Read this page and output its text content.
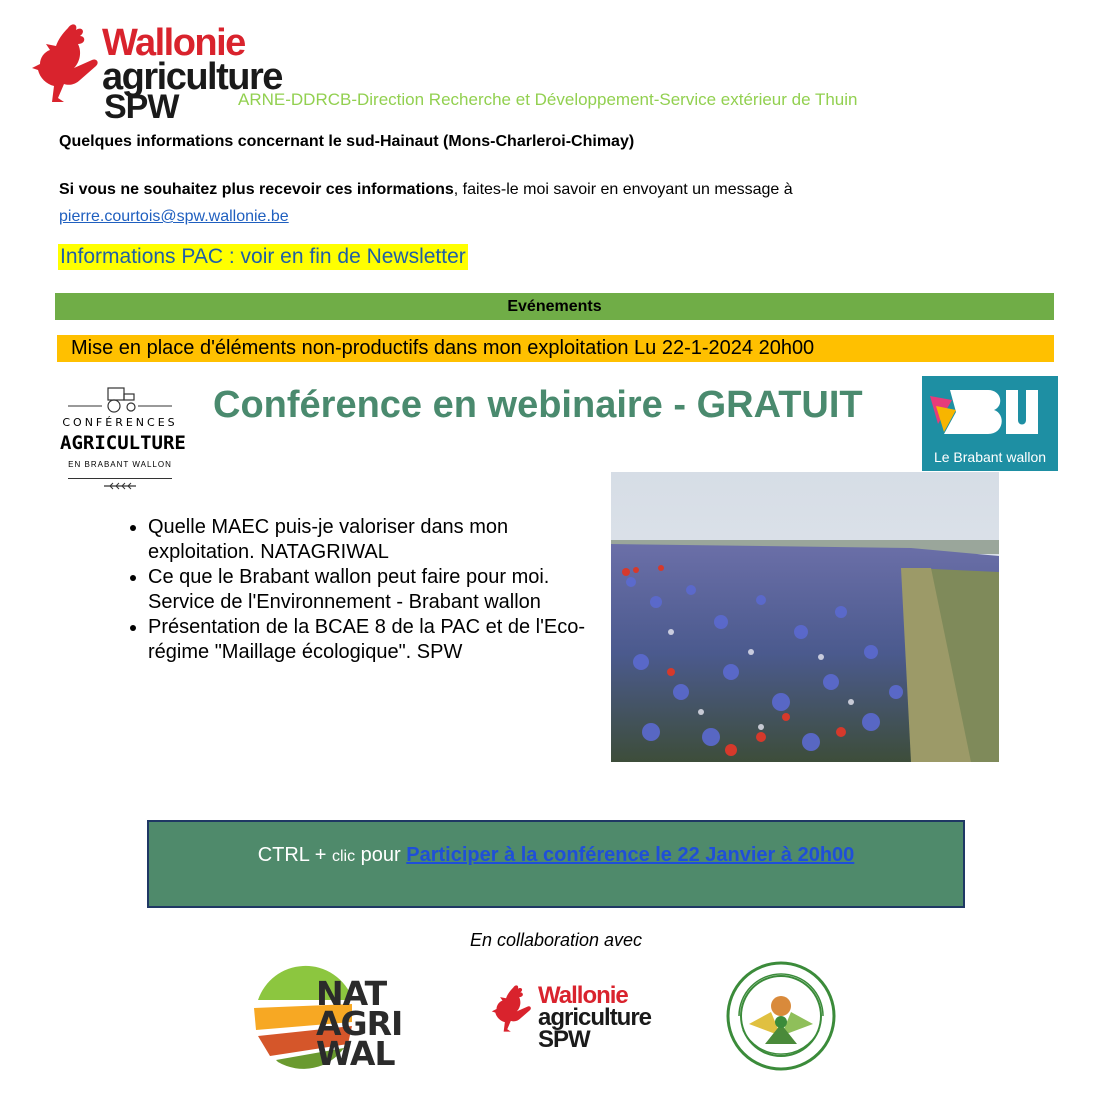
Wallonie
agriculture
SPW	ARNE-DDRCB-Direction Recherche et Développement-Service extérieur de Thuin
Quelques informations concernant le sud-Hainaut (Mons-Charleroi-Chimay)
Si vous ne souhaitez plus recevoir ces informations, faites-le moi savoir en envoyant un message à
pierre.courtois@spw.wallonie.be
Informations PAC : voir en fin de Newsletter
Evénements
Mise en place d'éléments non-productifs dans mon exploitation Lu 22-1-2024 20h00
CONFÉRENCES
AGRICULTURE
EN BRABANT WALLON
Conférence en webinaire - GRATUIT
Le Brabant wallon
• Quelle MAEC puis-je valoriser dans mon exploitation. NATAGRIWAL
• Ce que le Brabant wallon peut faire pour moi. Service de l'Environnement - Brabant wallon
• Présentation de la BCAE 8 de la PAC et de l'Eco-régime "Maillage écologique". SPW
CTRL + clic pour Participer à la conférence le 22 Janvier à 20h00
En collaboration avec
NAT
AGRI
WAL
Wallonie
agriculture
SPW
